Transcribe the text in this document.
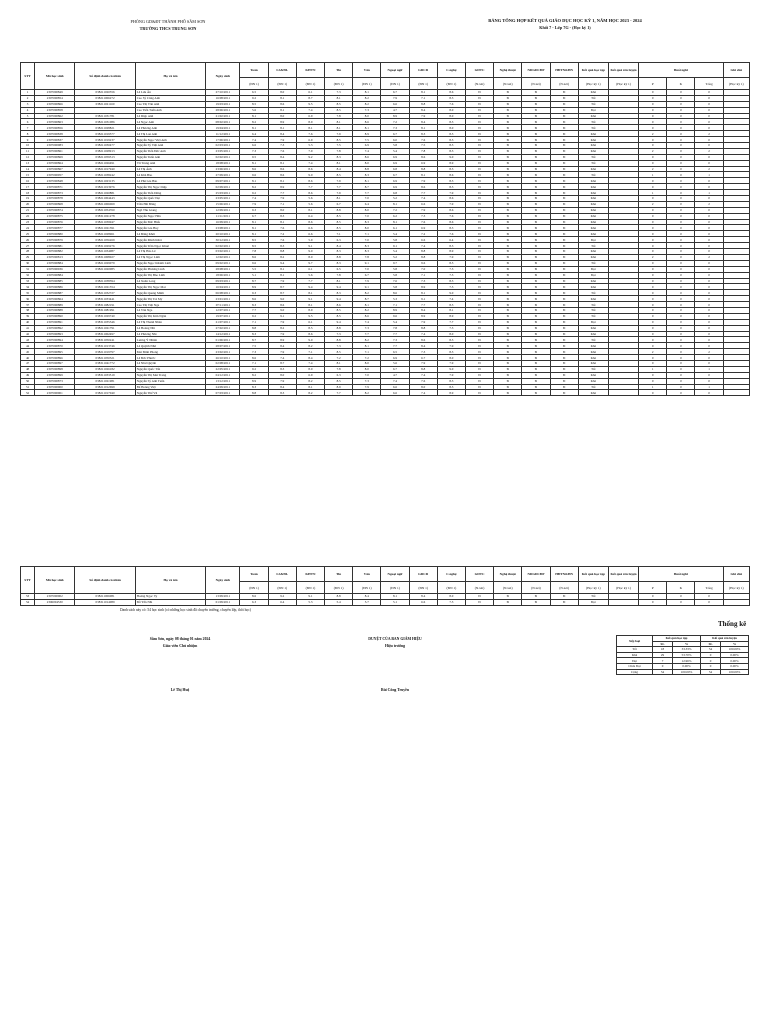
PHÒNG GD&ĐT THÀNH PHỐ SẦM SƠN
TRƯỜNG THCS TRUNG SƠN
BẢNG TỔNG HỢP KẾT QUẢ GIÁO DỤC HỌC KỲ 1, NĂM HỌC 2023 - 2024
Khối 7 - Lớp 7G - (Học kỳ 1)
STT	Mã học sinh	Số định danh cá nhân	Họ và tên	Ngày sinh	Toán	LS&ĐL	KHTN	Tin	Văn	Ngoại ngữ	GDCD	C.nghệ	GDTC	Nghệ thuật	NDGDCĐP	HĐTN&HN	Kết quả học tập	Kết quả rèn luyện	Buổi nghỉ			Ghi chú
					(ĐN 1)	(ĐN 1)	(ĐN 1)	(ĐN 1)	(ĐN 1)	(ĐN 1)	(ĐN 1)	(ĐN 1)	(N.xét)	(N.xét)	(N.xét)	(N.xét)	(Học kỳ 1)	(Học kỳ 1)	P	K	Tổng	(Học kỳ 1)
1	2307000849	038211020356	Lê Lưu Ân	27/10/2011	6.5	8.0	6.1	7.3	8.1	6.7	8.1	8.6	Đ	Đ	Đ	Đ	Khá		0	0	0	
2	2307000854	038211006272	Cao Sỹ Công Anh	16/08/2011	9.2	8.1	8.7	8.1	8.2	7.9	7.1	8.3	Đ	Đ	Đ	Đ	Tốt		0	0	0	
3	2307000866	038211021160	Cao Thị Vân Anh	19/03/2011	8.5	8.6	9.5	8.5	8.2	6.6	8.8	7.6	Đ	Đ	Đ	Đ	Tốt		0	0	0	
4	2307000858		Cao Tiến Tuấn Anh	28/06/2011	5.6	8.1	7.4	8.5	7.3	4.7	8.4	8.0	Đ	Đ	Đ	Đ	Đạt		0	0	0	
5	2307000862	038211031781	Lê Diệp Anh	21/02/2011	8.1	8.0	6.9	7.8	8.0	8.9	7.9	8.0	Đ	Đ	Đ	Đ	Khá		0	0	0	
6	2307000863	038211031086	Lê Ngọc Anh	08/02/2011	8.2	8.9	8.9	8.1	8.6	7.2	8.4	8.3	Đ	Đ	Đ	Đ	Tốt		0	0	0	
7	2307000856	038211028821	Lê Phương Anh	19/04/2011	8.1	8.1	8.1	8.1	8.1	7.3	8.1	8.0	Đ	Đ	Đ	Đ	Tốt		0	0	0	
8	2307000838	038211019577	Lê Thị Lan Anh	11/12/2011	6.4	8.4	7.6	7.9	8.9	6.7	8.3	8.3	Đ	Đ	Đ	Đ	Khá		2	0	2	
9	2307000837	038211019237	Nguyễn Ngọc Việt Anh	17/06/2011	7.4	7.9	6.9	8.5	7.5	6.0	7.6	8.3	Đ	Đ	Đ	Đ	Khá		0	0	0	
10	2307000983	038211030477	Nguyễn Sỹ Việt Anh	02/03/2011	6.6	7.3	5.3	7.5	6.9	5.8	7.5	8.3	Đ	Đ	Đ	Đ	Khá		0	0	0	
11	2307000861	038211028913	Nguyễn Tiến Đức Anh	23/05/2011	7.3	7.6	7.9	7.8	7.4	5.4	7.8	8.3	Đ	Đ	Đ	Đ	Khá		2	0	2	
12	2307000869	038211059313	Nguyễn Tuấn Anh	02/02/2011	9.5	8.4	9.2	8.3	8.6	6.9	8.6	9.0	Đ	Đ	Đ	Đ	Tốt		0	0	0	
13	2307000864	038211026491	Vũ Trung Anh	18/08/2011	8.1	8.1	7.4	8.1	8.0	6.9	6.9	8.9	Đ	Đ	Đ	Đ	Tốt		0	0	0	
14	2307000867	038211017940	Lê Thị Ánh	23/06/2011	8.6	8.6	8.6	8.4	8.8	6.8	8.8	8.3	Đ	Đ	Đ	Đ	Khá		2	0	2	
15	2307000957	038211038242	Lê Khả Bảo	27/09/2011	9.6	8.6	9.0	8.5	8.3	6.7	8.1	8.6	Đ	Đ	Đ	Đ	Tốt		1	0	1	
16	2307000848	038211023135	Lê Phú Gia Bảo	09/07/2011	8.1	8.1	8.6	7.9	8.1	6.9	7.9	8.3	Đ	Đ	Đ	Đ	Khá		0	0	0	
17	2307000871	038211013976	Nguyễn Thị Ngọc Diệp	02/09/2011	8.2	8.9	7.7	7.7	8.7	6.9	8.6	8.3	Đ	Đ	Đ	Đ	Khá		0	0	0	
18	2307000873	038211020881	Nguyễn Tiến Dũng	25/03/2011	9.2	7.7	8.6	7.9	7.7	6.8	7.7	7.9	Đ	Đ	Đ	Đ	Khá		1	0	1	
19	2307000878	038211004443	Nguyễn Quốc Đạt	23/05/2011	7.4	7.9	5.6	8.1	7.0	5.2	7.4	8.6	Đ	Đ	Đ	Đ	Khá		0	0	0	
20	2307000868	038211006069	Trần Hải Đăng	15/06/2011	7.9	7.1	5.6	6.7	6.4	8.1	6.6	7.9	Đ	Đ	Đ	Đ	Khá		2	0	2	
21	2307000874	038211054760	Ngô Thu Giang	12/09/2011	9.3	8.0	8.1	8.8	8.0	7.2	7.9	8.6	Đ	Đ	Đ	Đ	Khá		0	0	0	
22	2307000875	038311021278	Nguyễn Ngọc Hân	11/11/2011	6.7	8.3	6.4	8.5	7.0	6.2	7.3	7.6	Đ	Đ	Đ	Đ	Khá		0	0	0	
23	2307000876	038211039947	Nguyễn Đức Hiếu	16/09/2011	8.1	8.1	8.6	8.5	8.3	8.1	7.6	8.6	Đ	Đ	Đ	Đ	Khá		0	0	0	
24	2307000877	038211021391	Nguyễn Gia Huy	23/08/2011	8.1	7.6	6.6	8.5	8.0	6.1	6.9	8.3	Đ	Đ	Đ	Đ	Khá		0	0	0	
25	2307000880	038211028961	Lê Đăng Khôi	20/10/2011	8.1	7.2	6.6	7.1	7.1	5.4	7.2	7.6	Đ	Đ	Đ	Đ	Khá		0	0	0	
26	2307000879	038211056269	Nguyễn Minh Khôi	30/12/2011	8.5	7.6	5.9	6.3	7.0	5.8	6.6	6.4	Đ	Đ	Đ	Đ	Đạt		0	0	0	
27	2307000881	038311029276	Nguyễn Trần Ngọc Khuê	02/02/2011	8.5	8.3	9.1	8.4	8.3	9.1	7.4	8.3	Đ	Đ	Đ	Đ	Tốt		0	0	0	
28	2307000882	038211034087	Lê Thị Hảo Lê	03/02/2011	7.8	8.8	9.0	8.3	8.3	5.4	8.8	8.9	Đ	Đ	Đ	Đ	Khá		0	0	0	
29	2307000813	038311008027	Lê Thị Ngọc Linh	12/02/2011	8.6	8.2	8.0	8.8	7.8	5.2	8.8	7.9	Đ	Đ	Đ	Đ	Khá		2	0	2	
30	2307000884	038211029079	Nguyễn Ngọc Khánh Linh	09/02/2011	9.6	9.4	9.7	8.3	9.1	9.7	9.6	8.3	Đ	Đ	Đ	Đ	Tốt		0	0	0	
31	2307000936	038211020085	Nguyễn Phương Linh	28/08/2011	5.5	8.1	6.1	6.5	7.0	5.8	7.0	7.3	Đ	Đ	Đ	Đ	Đạt		0	0	0	
32	2307000884		Nguyễn Thị Bảo Linh	18/06/2011	5.1	8.1	5.6	7.8	6.7	5.8	7.1	7.3	Đ	Đ	Đ	Đ	Đạt		0	0	0	
33	2307000885	038211038394	Lê Xuân Long	09/03/2011	8.7	7.9	7.7	8.1	7.9	7.6	7.3	8.3	Đ	Đ	Đ	Đ	Khá		0	0	0	
34	2307000886	038211021354	Nguyễn Thị Ngọc Mai	16/04/2011	8.9	8.7	9.4	9.4	9.1	5.8	8.9	7.3	Đ	Đ	Đ	Đ	Khá		0	0	0	
35	2307000887	038211032727	Nguyễn Quang Minh	06/08/2011	9.3	8.7	8.1	8.3	8.2	8.6	8.1	9.0	Đ	Đ	Đ	Đ	Tốt		0	0	0	
36	2307000864	038311033441	Nguyễn Thị Trà My	23/01/2011	8.6	9.0	9.1	9.4	8.7	5.3	9.1	7.4	Đ	Đ	Đ	Đ	Khá		0	0	0	
37	2307000889	038311082191	Cao Thị Việt Nga	07/11/2011	8.3	8.6	8.1	8.6	8.1	7.1	7.7	8.3	Đ	Đ	Đ	Đ	Tốt		0	0	0	
38	2307000888	038311081991	Lê Vân Nga	12/07/2011	7.7	9.0	8.9	8.5	8.2	8.9	8.4	8.1	Đ	Đ	Đ	Đ	Tốt		0	0	0	
39	2307000890	038311029740	Nguyễn Thị Kim Ngân	19/07/2011	9.2	9.1	9.5	8.5	8.6	9.6	8.9	8.9	Đ	Đ	Đ	Đ	Tốt		0	0	0	
40	2307000891	038311035346	Lê Thị Thanh Nhàn	21/07/2011	7.1	7.9	6.1	9.4	7.4	5.4	7.9	7.7	Đ	Đ	Đ	Đ	Đạt		0	0	0	
41	2307000892	038211021791	Lê Hoàng Nhi	27/02/2011	8.8	8.2	8.5	8.8	7.3	7.8	8.8	7.3	Đ	Đ	Đ	Đ	Khá		0	0	0	
42	2307000893	038311002497	Lê Phương Nhi	14/12/2011	8.3	7.9	8.6	7.3	7.7	7.7	7.4	8.0	Đ	Đ	Đ	Đ	Khá		0	0	0	
43	2307000894	038311050241	Lương Ý Nhiên	01/06/2011	8.7	8.9	9.0	8.8	8.2	7.3	8.6	8.3	Đ	Đ	Đ	Đ	Tốt		0	0	0	
44	2307000870	038311013746	Lê Quỳnh Như	28/07/2011	7.5	8.4	8.2	7.3	8.1	7.7	8.4	7.9	Đ	Đ	Đ	Đ	Khá		0	0	0	
45	2307000895	038211019797	Mai Đình Phong	23/02/2011	7.3	7.9	7.1	8.5	7.1	6.5	7.3	8.3	Đ	Đ	Đ	Đ	Khá		2	0	2	
46	2307000896	038211050321	Lê Đức Phước	26/10/2011	8.6	7.4	8.4	7.2	7.2	6.9	6.7	8.0	Đ	Đ	Đ	Đ	Khá		0	0	0	
47	2307000897	038311041772	Lê Như Quỳnh	02/08/2011	7.1	8.7	7.4	8.1	8.0	5.6	7.9	7.9	Đ	Đ	Đ	Đ	Khá		0	0	0	
48	2307000898	038211026182	Nguyễn Quốc Tấn	22/05/2011	9.2	8.3	8.0	7.8	8.0	6.7	8.8	9.0	Đ	Đ	Đ	Đ	Tốt		1	0	1	
49	2307000899	038311033519	Nguyễn Thị Mai Trang	04/12/2011	8.2	8.0	6.9	6.3	7.0	4.7	7.4	7.9	Đ	Đ	Đ	Đ	Khá		0	0	0	
50	2307000873	038211021981	Nguyễn Sỹ Anh Tuấn	13/12/2011	8.9	7.9	8.2	8.5	7.3	7.4	7.6	8.3	Đ	Đ	Đ	Đ	Khá		0	0	0	
51	2307000900	038211012699	Bế Hoàng Việt	24/09/2011	8.3	8.4	8.1	8.9	7.9	6.6	8.0	8.3	Đ	Đ	Đ	Đ	Tốt		1	0	1	
52	2307000901	038211017040	Nguyễn Thế Vũ	07/03/2011	8.8	8.3	8.2	7.7	8.2	6.6	7.4	8.9	Đ	Đ	Đ	Đ	Khá		0	0	0	
STT	Mã học sinh	Số định danh cá nhân	Họ và tên	Ngày sinh	Toán	LS&ĐL	KHTN	Tin	Văn	Ngoại ngữ	GDCD	C.nghệ	GDTC	Nghệ thuật	NDGDCĐP	HĐTN&HN	Kết quả học tập	Kết quả rèn luyện	Buổi nghỉ			Ghi chú
					(ĐN 1)	(ĐN 1)	(ĐN 1)	(ĐN 1)	(ĐN 1)	(ĐN 1)	(ĐN 1)	(ĐN 1)	(N.xét)	(N.xét)	(N.xét)	(N.xét)	(Học kỳ 1)	(Học kỳ 1)	P	K	Tổng	(Học kỳ 1)
53	2307000902	038211006081	Hoàng Ngọc Vy	13/09/2011	8.6	9.2	9.1	8.8	8.4	8.1	8.4	8.0	Đ	Đ	Đ	Đ	Tốt		0	0	0	
54	2306004530	038311014089	Đỗ Yến Nhi	01/09/2011	6.3	6.4	5.3	5.4	5.7	5.1	6.6	7.3	Đ	Đ	Đ	Đ	Đạt		0	0	0	
Danh sách này có: 54 học sinh (có những học sinh đã chuyển trường, chuyển lớp, thôi học)
Sầm Sơn, ngày 08 tháng 01 năm 2024
Giáo viên Chủ nhiệm
DUYỆT CỦA BAN GIÁM HIỆU
Hiệu trưởng
Lê Thị Huệ	Bùi Công Truyền
Thống kê
Xếp loại	Kết quả học tập		Kết quả rèn luyện	
	SL	%	SL	%
Tốt	18	33.33%	54	100.00%
Khá	29	53.70%	0	0.00%
Đạt	7	12.96%	0	0.00%
Chưa Đạt	0	0.00%	0	0.00%
Cộng	54	100.00%	54	100.00%
